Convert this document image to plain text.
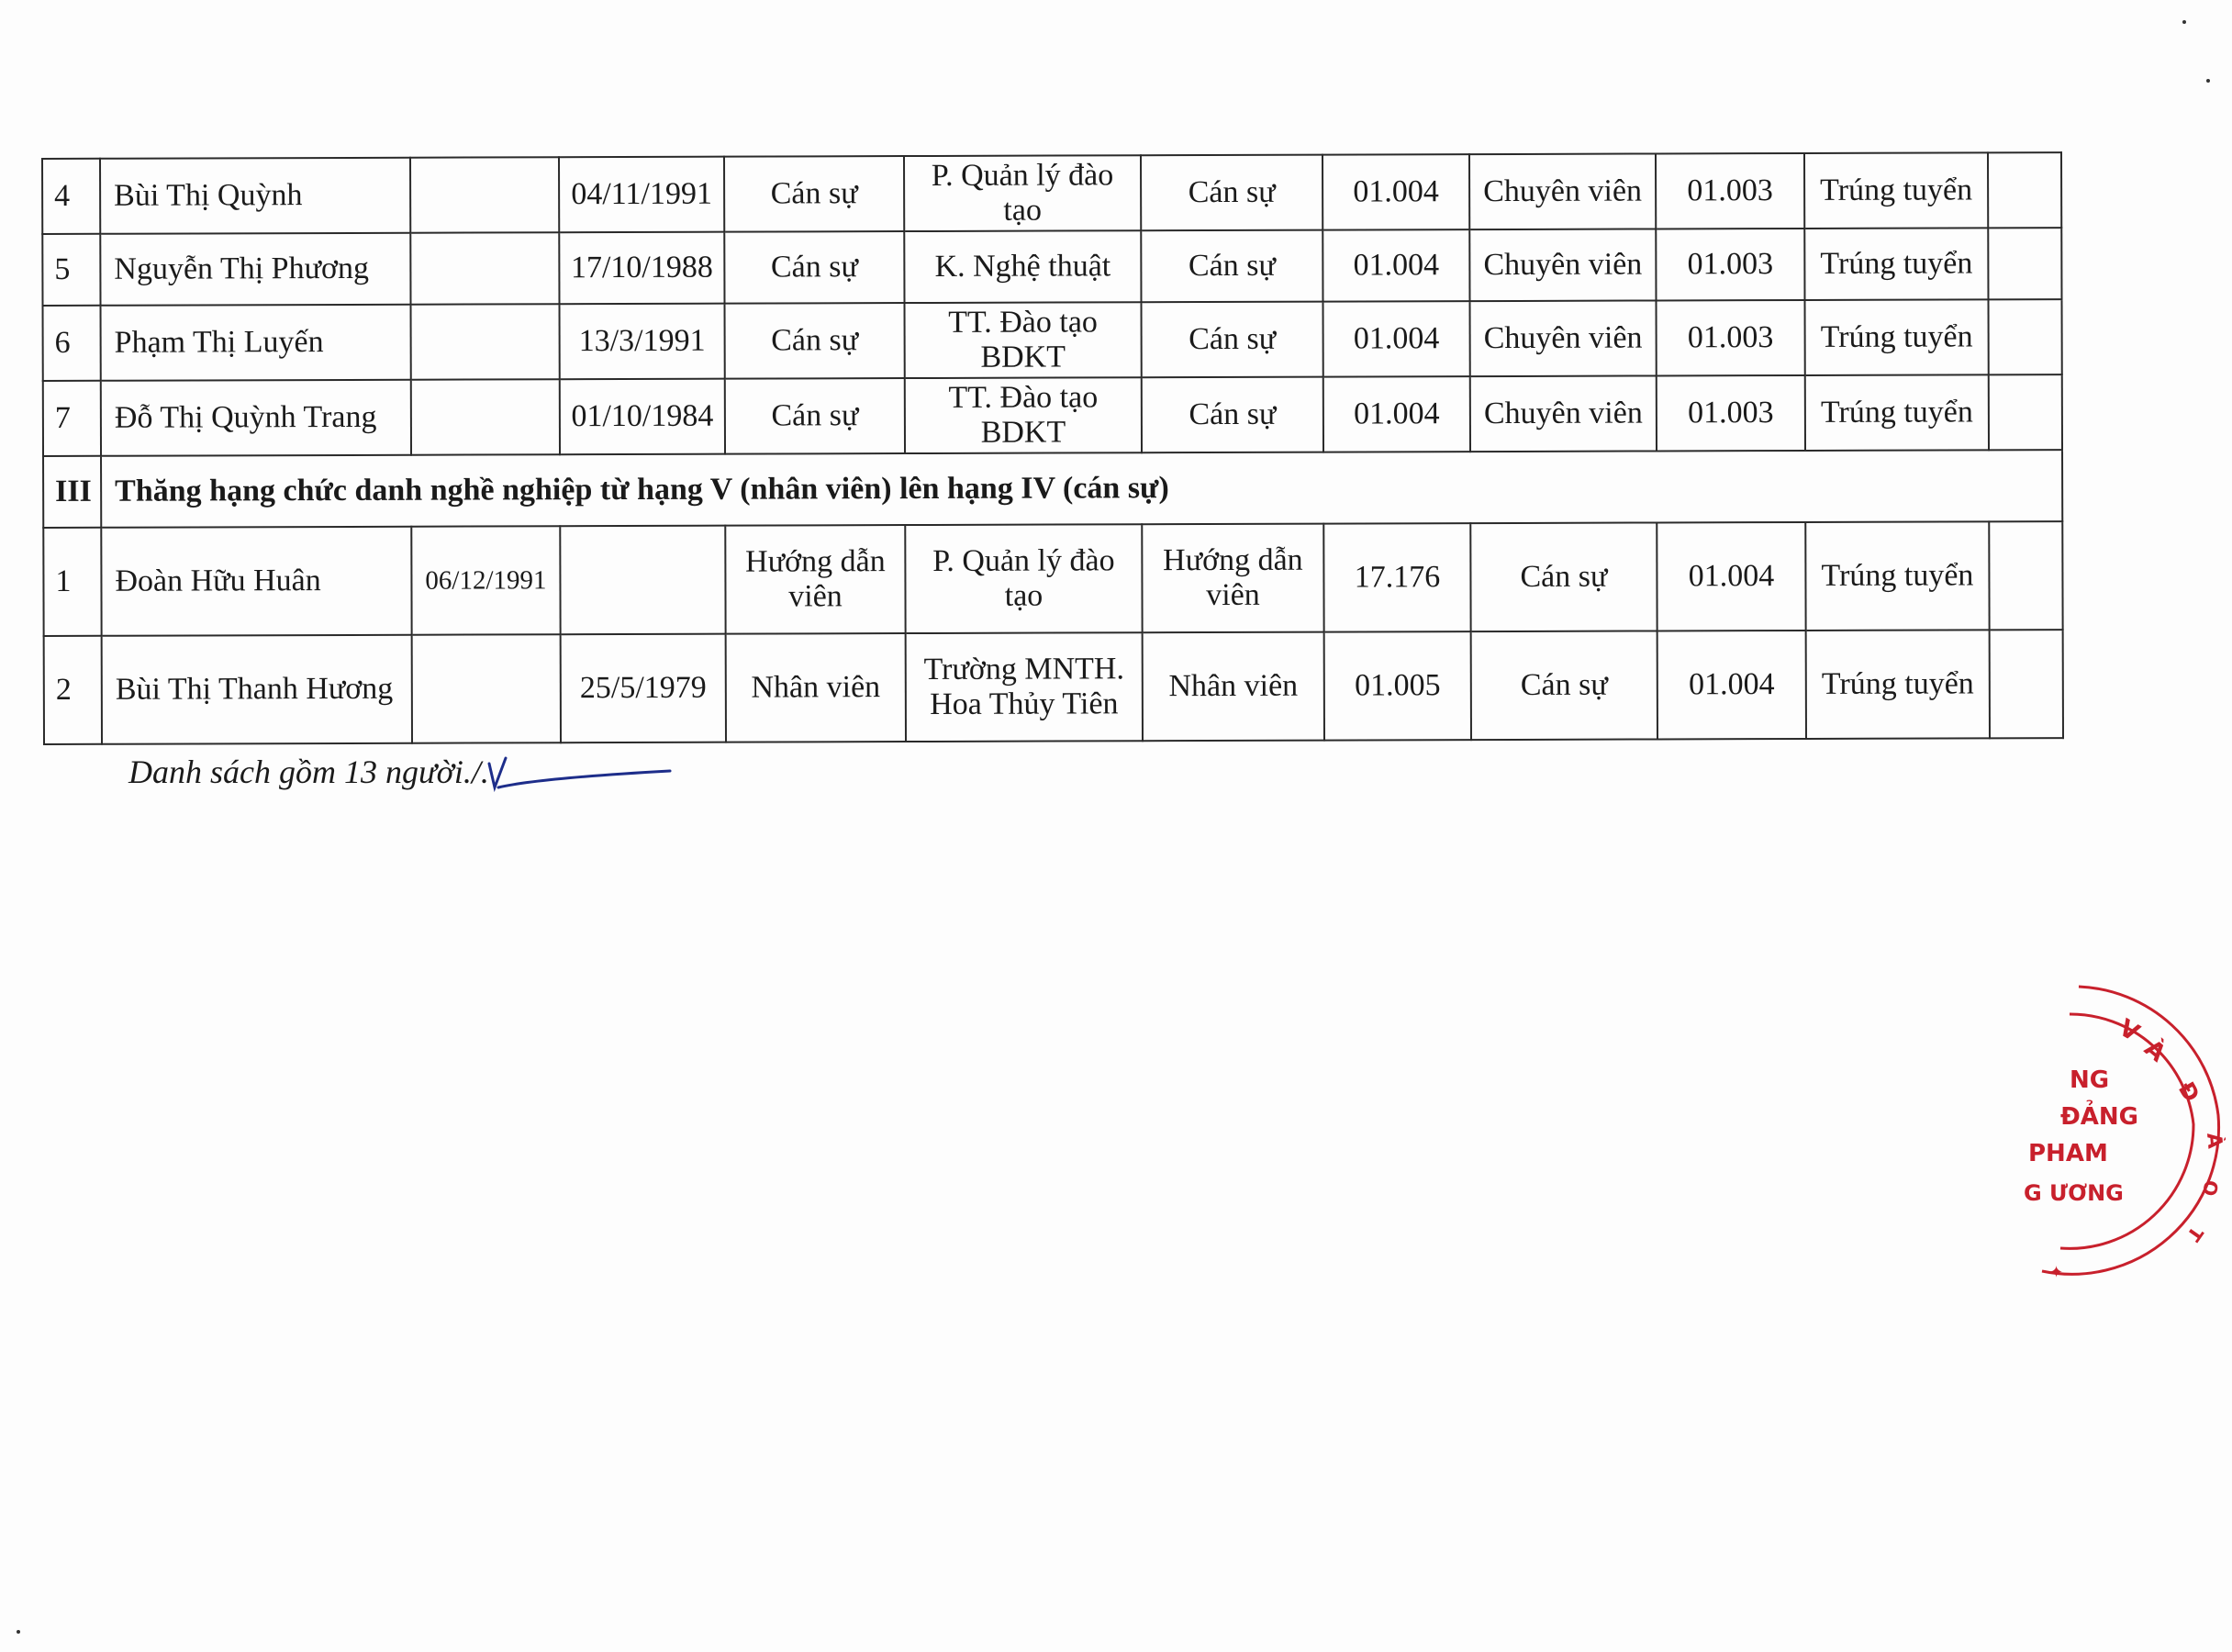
4	Bùi Thị Quỳnh		04/11/1991	Cán sự	P. Quản lý đào tạo	Cán sự	01.004	Chuyên viên	01.003	Trúng tuyển	
5	Nguyễn Thị Phương		17/10/1988	Cán sự	K. Nghệ thuật	Cán sự	01.004	Chuyên viên	01.003	Trúng tuyển	
6	Phạm Thị Luyến		13/3/1991	Cán sự	TT. Đào tạo BDKT	Cán sự	01.004	Chuyên viên	01.003	Trúng tuyển	
7	Đỗ Thị Quỳnh Trang		01/10/1984	Cán sự	TT. Đào tạo BDKT	Cán sự	01.004	Chuyên viên	01.003	Trúng tuyển	
III	Thăng hạng chức danh nghề nghiệp từ hạng V (nhân viên) lên hạng IV (cán sự)										
1	Đoàn Hữu Huân	06/12/1991		Hướng dẫn viên	P. Quản lý đào tạo	Hướng dẫn viên	17.176	Cán sự	01.004	Trúng tuyển	
2	Bùi Thị Thanh Hương		25/5/1979	Nhân viên	Trường MNTH. Hoa Thủy Tiên	Nhân viên	01.005	Cán sự	01.004	Trúng tuyển	
Danh sách gồm 13 người./.
V
À
Đ
À
O
T
NG
ĐẢNG
PHAM
G ƯƠNG
✦
